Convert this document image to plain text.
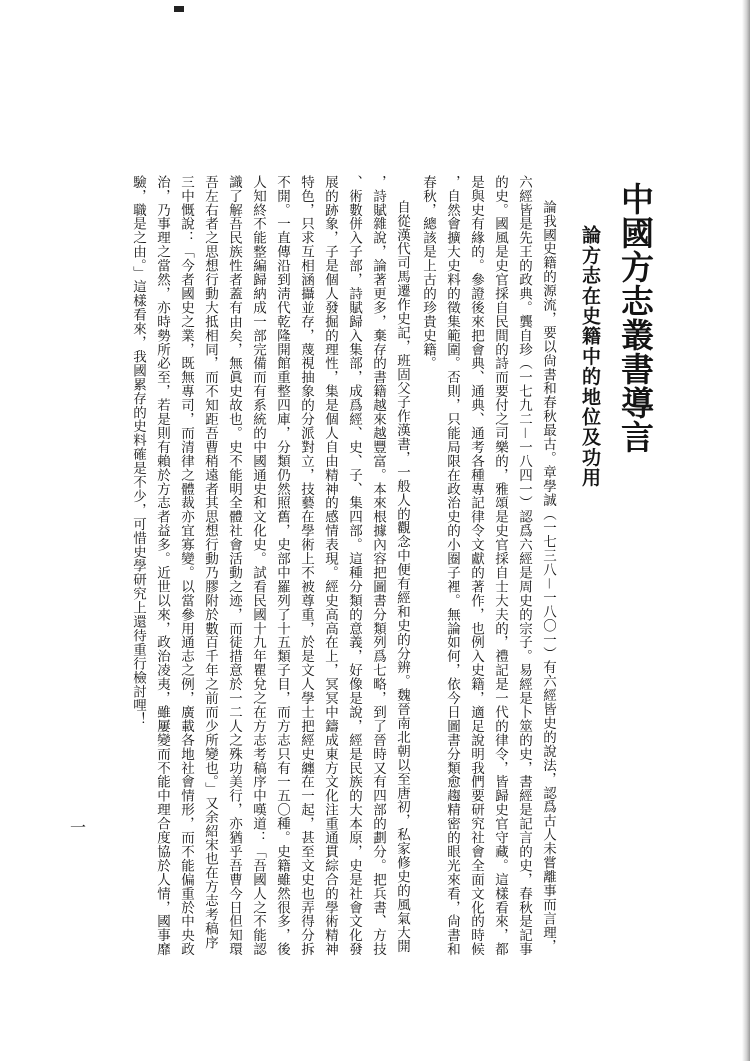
中國方志叢書導言
論方志在史籍中的地位及功用
論我國史籍的源流，要以尙書和春秋最古。章學誠（一七三八－一八〇一）有六經皆史的說法，認爲古人未嘗離事而言理，
六經皆是先王的政典。龔自珍（一七九二－一八四一）認爲六經是周史的宗子。易經是卜筮的史，書經是記言的史，春秋是記事
的史。國風是史官採自民間的詩而要付之司樂的，雅頌是史官採自士大夫的，禮記是一代的律令，皆歸史官守藏。這樣看來，都
是與史有緣的。參證後來把會典、通典、通考各種專記律令文獻的著作，也例入史籍，適足說明我們要研究社會全面文化的時候
，自然會擴大史料的徵集範圍。否則，只能局限在政治史的小圈子裡。無論如何，依今日圖書分類愈趨精密的眼光來看，尙書和
春秋，總該是上古的珍貴史籍。
自從漢代司馬遷作史記，班固父子作漢書，一般人的觀念中便有經和史的分辨。魏晉南北朝以至唐初，私家修史的風氣大開
，詩賦雜說，論著更多，棄存的書籍越來越豐富。本來根據內容把圖書分類列爲七略，到了晉時又有四部的劃分。把兵書、方技
、術數併入子部，詩賦歸入集部，成爲經、史、子、集四部。這種分類的意義，好像是說，經是民族的大本原，史是社會文化發
展的跡象，子是個人發掘的理性，集是個人自由精神的感情表現。經史高高在上，冥冥中鑄成東方文化注重通貫綜合的學術精神
特色，只求互相涵攝並存，蔑視抽象的分派對立，技藝在學術上不被尊重，於是文人學士把經史纏在一起，甚至文史也弄得分拆
不開。一直傳沿到淸代乾隆開館重整四庫，分類仍然照舊，史部中羅列了十五類子目，而方志只有一五〇種。史籍雖然很多，後
人知終不能整編歸納成一部完備而有系統的中國通史和文化史。試看民國十九年瞿兌之在方志考稿序中嘆道：「吾國人之不能認
識了解吾民族性者蓋有由矣，無眞史故也。史不能明全體社會活動之迹，而徒措意於一二人之殊功美行，亦猶乎吾曹今日但知環
吾左右者之思想行動大抵相同，而不知距吾曹稍遠者其思想行動乃膠附於數百千年之前而少所變也。」又余紹宋也在方志考稿序
三中慨說：「今者國史之業，既無專司，而清律之體裁亦宜寡變。以當參用通志之例，廣載各地社會情形，而不能偏重於中央政
治，乃事理之當然，亦時勢所必至，若是則有賴於方志者益多。近世以來，政治凌夷，雖屢變而不能中理合度協於人情，國事靡
驗，職是之由。」這樣看來，我國累存的史料確是不少，可惜史學研究上還待重行檢討哩！
一
